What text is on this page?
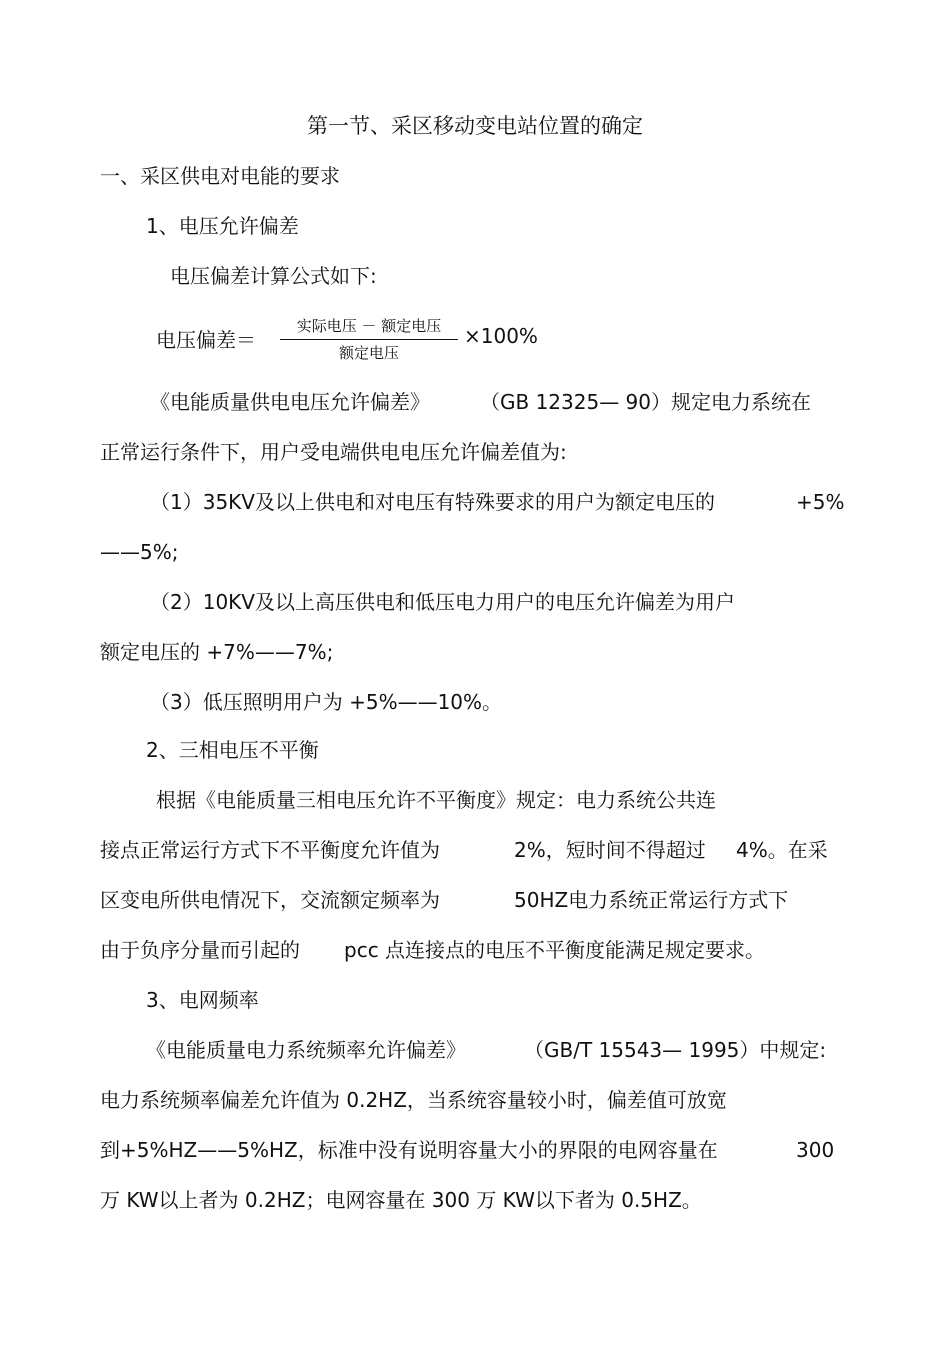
第一节、采区移动变电站位置的确定
一、采区供电对电能的要求
1、电压允许偏差
电压偏差计算公式如下:
电压偏差＝
实际电压 － 额定电压
额定电压
×100%
《电能质量供电电压允许偏差》	（GB 12325— 90）规定电力系统在
正常运行条件下，用户受电端供电电压允许偏差值为:
（1）35KV及以上供电和对电压有特殊要求的用户为额定电压的	+5%
——5%;
（2）10KV及以上高压供电和低压电力用户的电压允许偏差为用户
额定电压的 +7%——7%;
（3）低压照明用户为 +5%——10%。
2、三相电压不平衡
根据《电能质量三相电压允许不平衡度》规定：电力系统公共连
接点正常运行方式下不平衡度允许值为	2%，短时间不得超过 4%。在采
区变电所供电情况下，交流额定频率为	50HZ电力系统正常运行方式下
由于负序分量而引起的 pcc 点连接点的电压不平衡度能满足规定要求。
3、电网频率
《电能质量电力系统频率允许偏差》	（GB/T 15543— 1995）中规定:
电力系统频率偏差允许值为 0.2HZ，当系统容量较小时，偏差值可放宽
到+5%HZ——5%HZ，标准中没有说明容量大小的界限的电网容量在	300
万 KW以上者为 0.2HZ；电网容量在 300 万 KW以下者为 0.5HZ。
